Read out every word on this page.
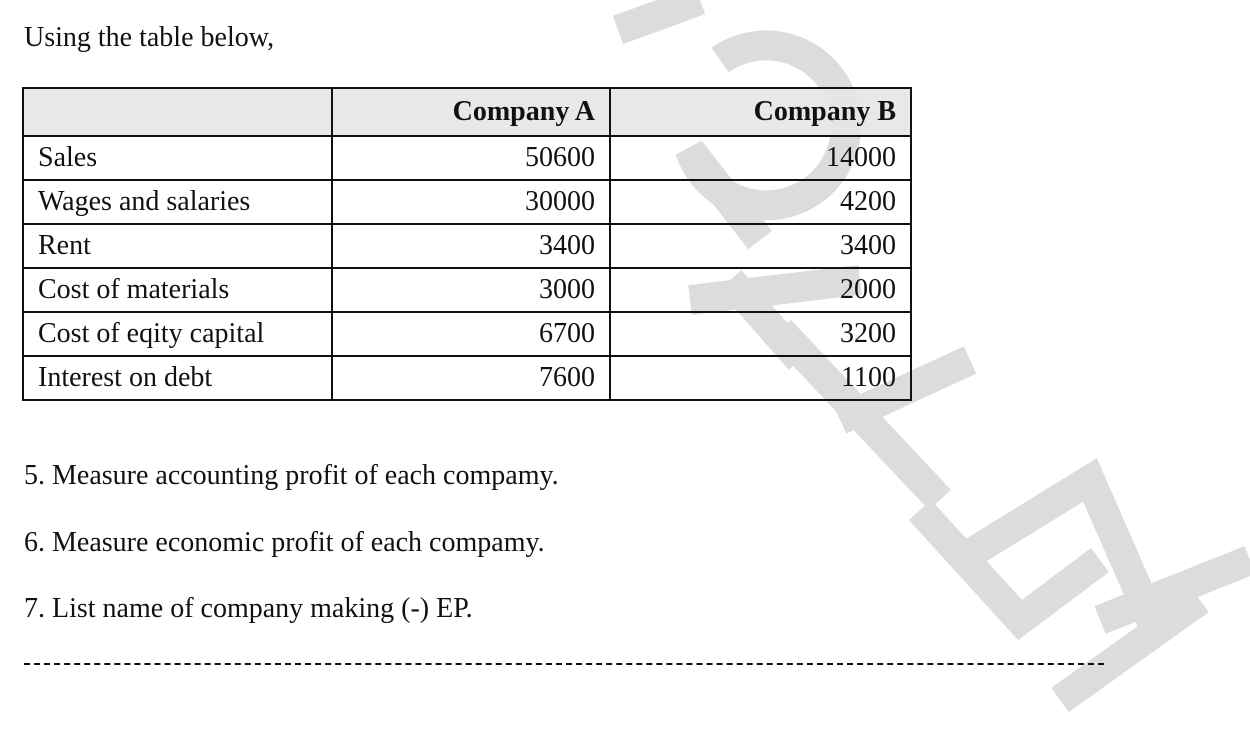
Using the table below,

	Company A	Company B
Sales	50600	14000
Wages and salaries	30000	4200
Rent	3400	3400
Cost of materials	3000	2000
Cost of eqity capital	6700	3200
Interest on debt	7600	1100

5. Measure accounting profit of each compamy.

6. Measure economic profit of each compamy.

7. List name of company making (-) EP.
